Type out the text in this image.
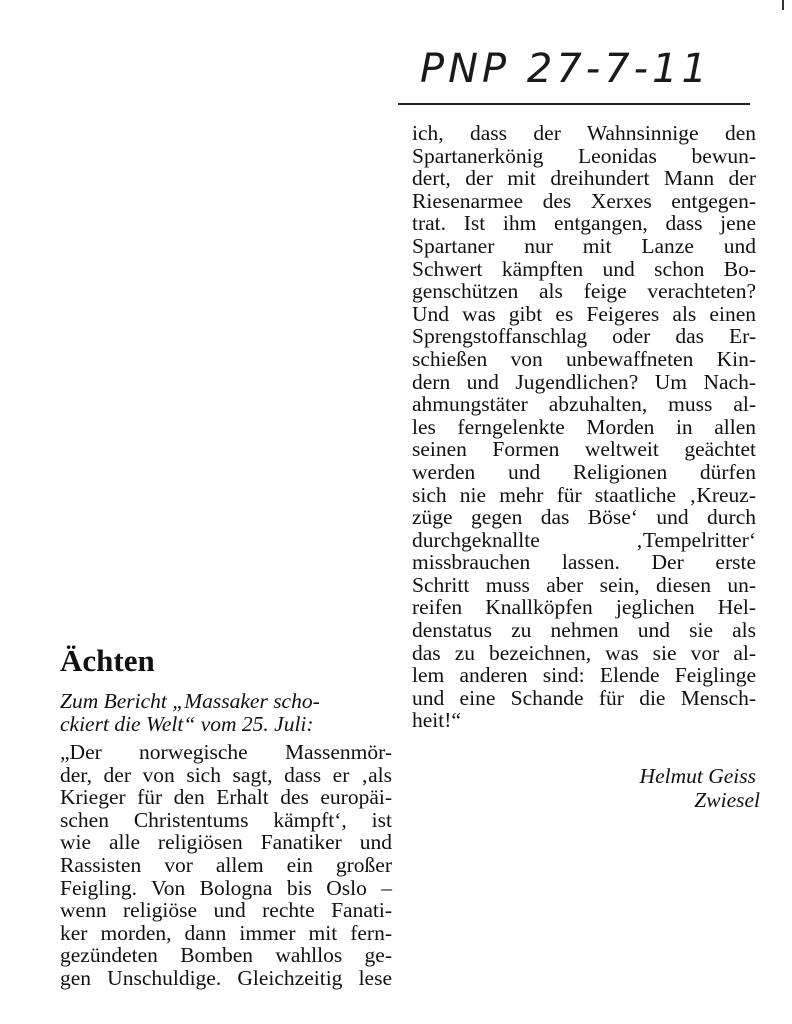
PNP 27-7-11
Ächten
Zum Bericht „Massaker scho-
ckiert die Welt“ vom 25. Juli:
„Der norwegische Massenmör-
der, der von sich sagt, dass er ‚als
Krieger für den Erhalt des europäi-
schen Christentums kämpft‘, ist
wie alle religiösen Fanatiker und
Rassisten vor allem ein großer
Feigling. Von Bologna bis Oslo –
wenn religiöse und rechte Fanati-
ker morden, dann immer mit fern-
gezündeten Bomben wahllos ge-
gen Unschuldige. Gleichzeitig lese
ich, dass der Wahnsinnige den
Spartanerkönig Leonidas bewun-
dert, der mit dreihundert Mann der
Riesenarmee des Xerxes entgegen-
trat. Ist ihm entgangen, dass jene
Spartaner nur mit Lanze und
Schwert kämpften und schon Bo-
genschützen als feige verachteten?
Und was gibt es Feigeres als einen
Sprengstoffanschlag oder das Er-
schießen von unbewaffneten Kin-
dern und Jugendlichen? Um Nach-
ahmungstäter abzuhalten, muss al-
les ferngelenkte Morden in allen
seinen Formen weltweit geächtet
werden und Religionen dürfen
sich nie mehr für staatliche ‚Kreuz-
züge gegen das Böse‘ und durch
durchgeknallte ‚Tempelritter‘
missbrauchen lassen. Der erste
Schritt muss aber sein, diesen un-
reifen Knallköpfen jeglichen Hel-
denstatus zu nehmen und sie als
das zu bezeichnen, was sie vor al-
lem anderen sind: Elende Feiglinge
und eine Schande für die Mensch-
heit!“
Helmut Geiss
Zwiesel
